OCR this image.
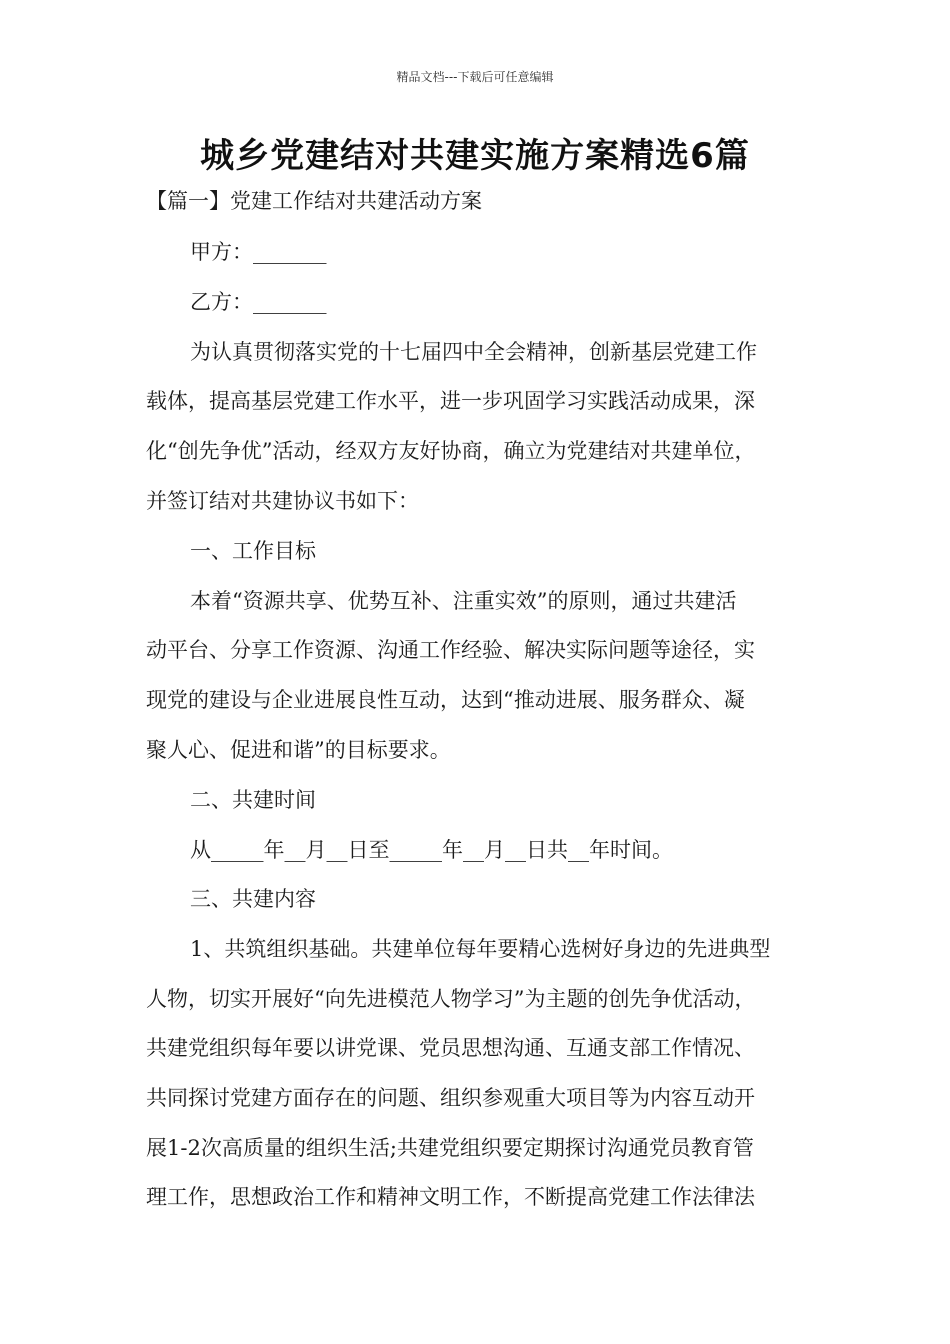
精品文档---下载后可任意编辑
城乡党建结对共建实施方案精选6篇
【篇一】党建工作结对共建活动方案
甲方：_______
乙方：_______
为认真贯彻落实党的十七届四中全会精神，创新基层党建工作
载体，提高基层党建工作水平，进一步巩固学习实践活动成果，深
化“创先争优”活动，经双方友好协商，确立为党建结对共建单位，
并签订结对共建协议书如下：
一、工作目标
本着“资源共享、优势互补、注重实效”的原则，通过共建活
动平台、分享工作资源、沟通工作经验、解决实际问题等途径，实
现党的建设与企业进展良性互动，达到“推动进展、服务群众、凝
聚人心、促进和谐”的目标要求。
二、共建时间
从_____年__月__日至_____年__月__日共__年时间。
三、共建内容
1、共筑组织基础。共建单位每年要精心选树好身边的先进典型
人物，切实开展好“向先进模范人物学习”为主题的创先争优活动，
共建党组织每年要以讲党课、党员思想沟通、互通支部工作情况、
共同探讨党建方面存在的问题、组织参观重大项目等为内容互动开
展1-2次高质量的组织生活;共建党组织要定期探讨沟通党员教育管
理工作，思想政治工作和精神文明工作，不断提高党建工作法律法
